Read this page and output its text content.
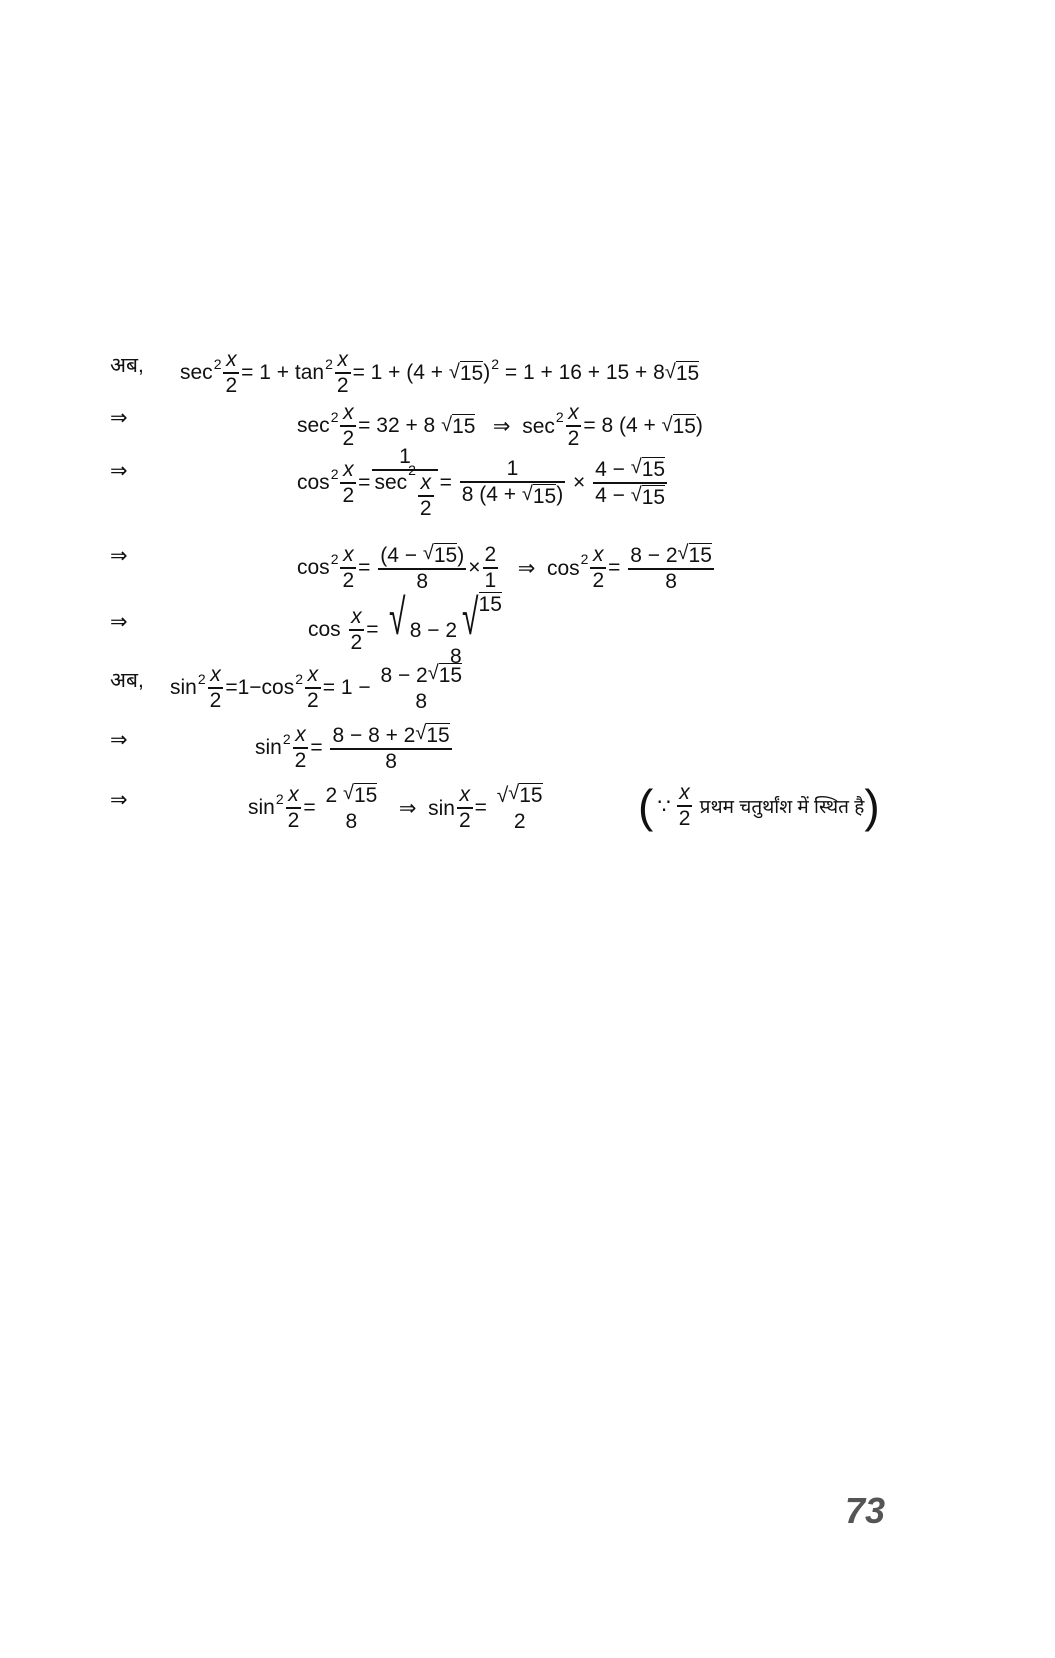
अब, $\sec 2 \frac{x}{2} = 1 + \tan 2 \frac{x}{2} = 1 + (4$ + √ 15 ) 2 = 1 + 16 + 15 + 8 √ 15
⇒	$\sec 2 \frac{x}{2} = 32 + 8$ √ 15 ⇒  $\sec 2 \frac{x}{2} = 8$ (4 + √ 15 )
⇒	$\cos 2 \frac{x}{2} = 1$
sec
2
$\frac{x}{2} = \frac{1}{8 (4 + √ 15 )} \times \frac{4 - √ 15}{4 - √ 15}$
⇒	$\cos 2 \frac{x}{2} = \frac{(4 - √ 15 )}{8} \times \frac{2}{1}$ ⇒  $\cos 2 \frac{x}{2} = \frac{8 - 2 √ 15}{8}$
⇒	$\cos \frac{x}{2}$ = √ 8 − 2 √ 15
8
अब, $\sin 2 \frac{x}{2} =1-\cos$ $2 \frac{x}{2} = 1$ −
8 − 2 √ 15
8
⇒	$\sin 2 \frac{x}{2} = \frac{8 - 8 + 2 √ 15}{8}$
⇒	$\sin 2 \frac{x}{2}$ =
2 √ 15
8
⇒  $\sin \frac{x}{2}$ =
√ √ 15
2 ( ∵ $\frac{x}{2}$ प्रथम चतुर्थांश में स्थित है )
73
